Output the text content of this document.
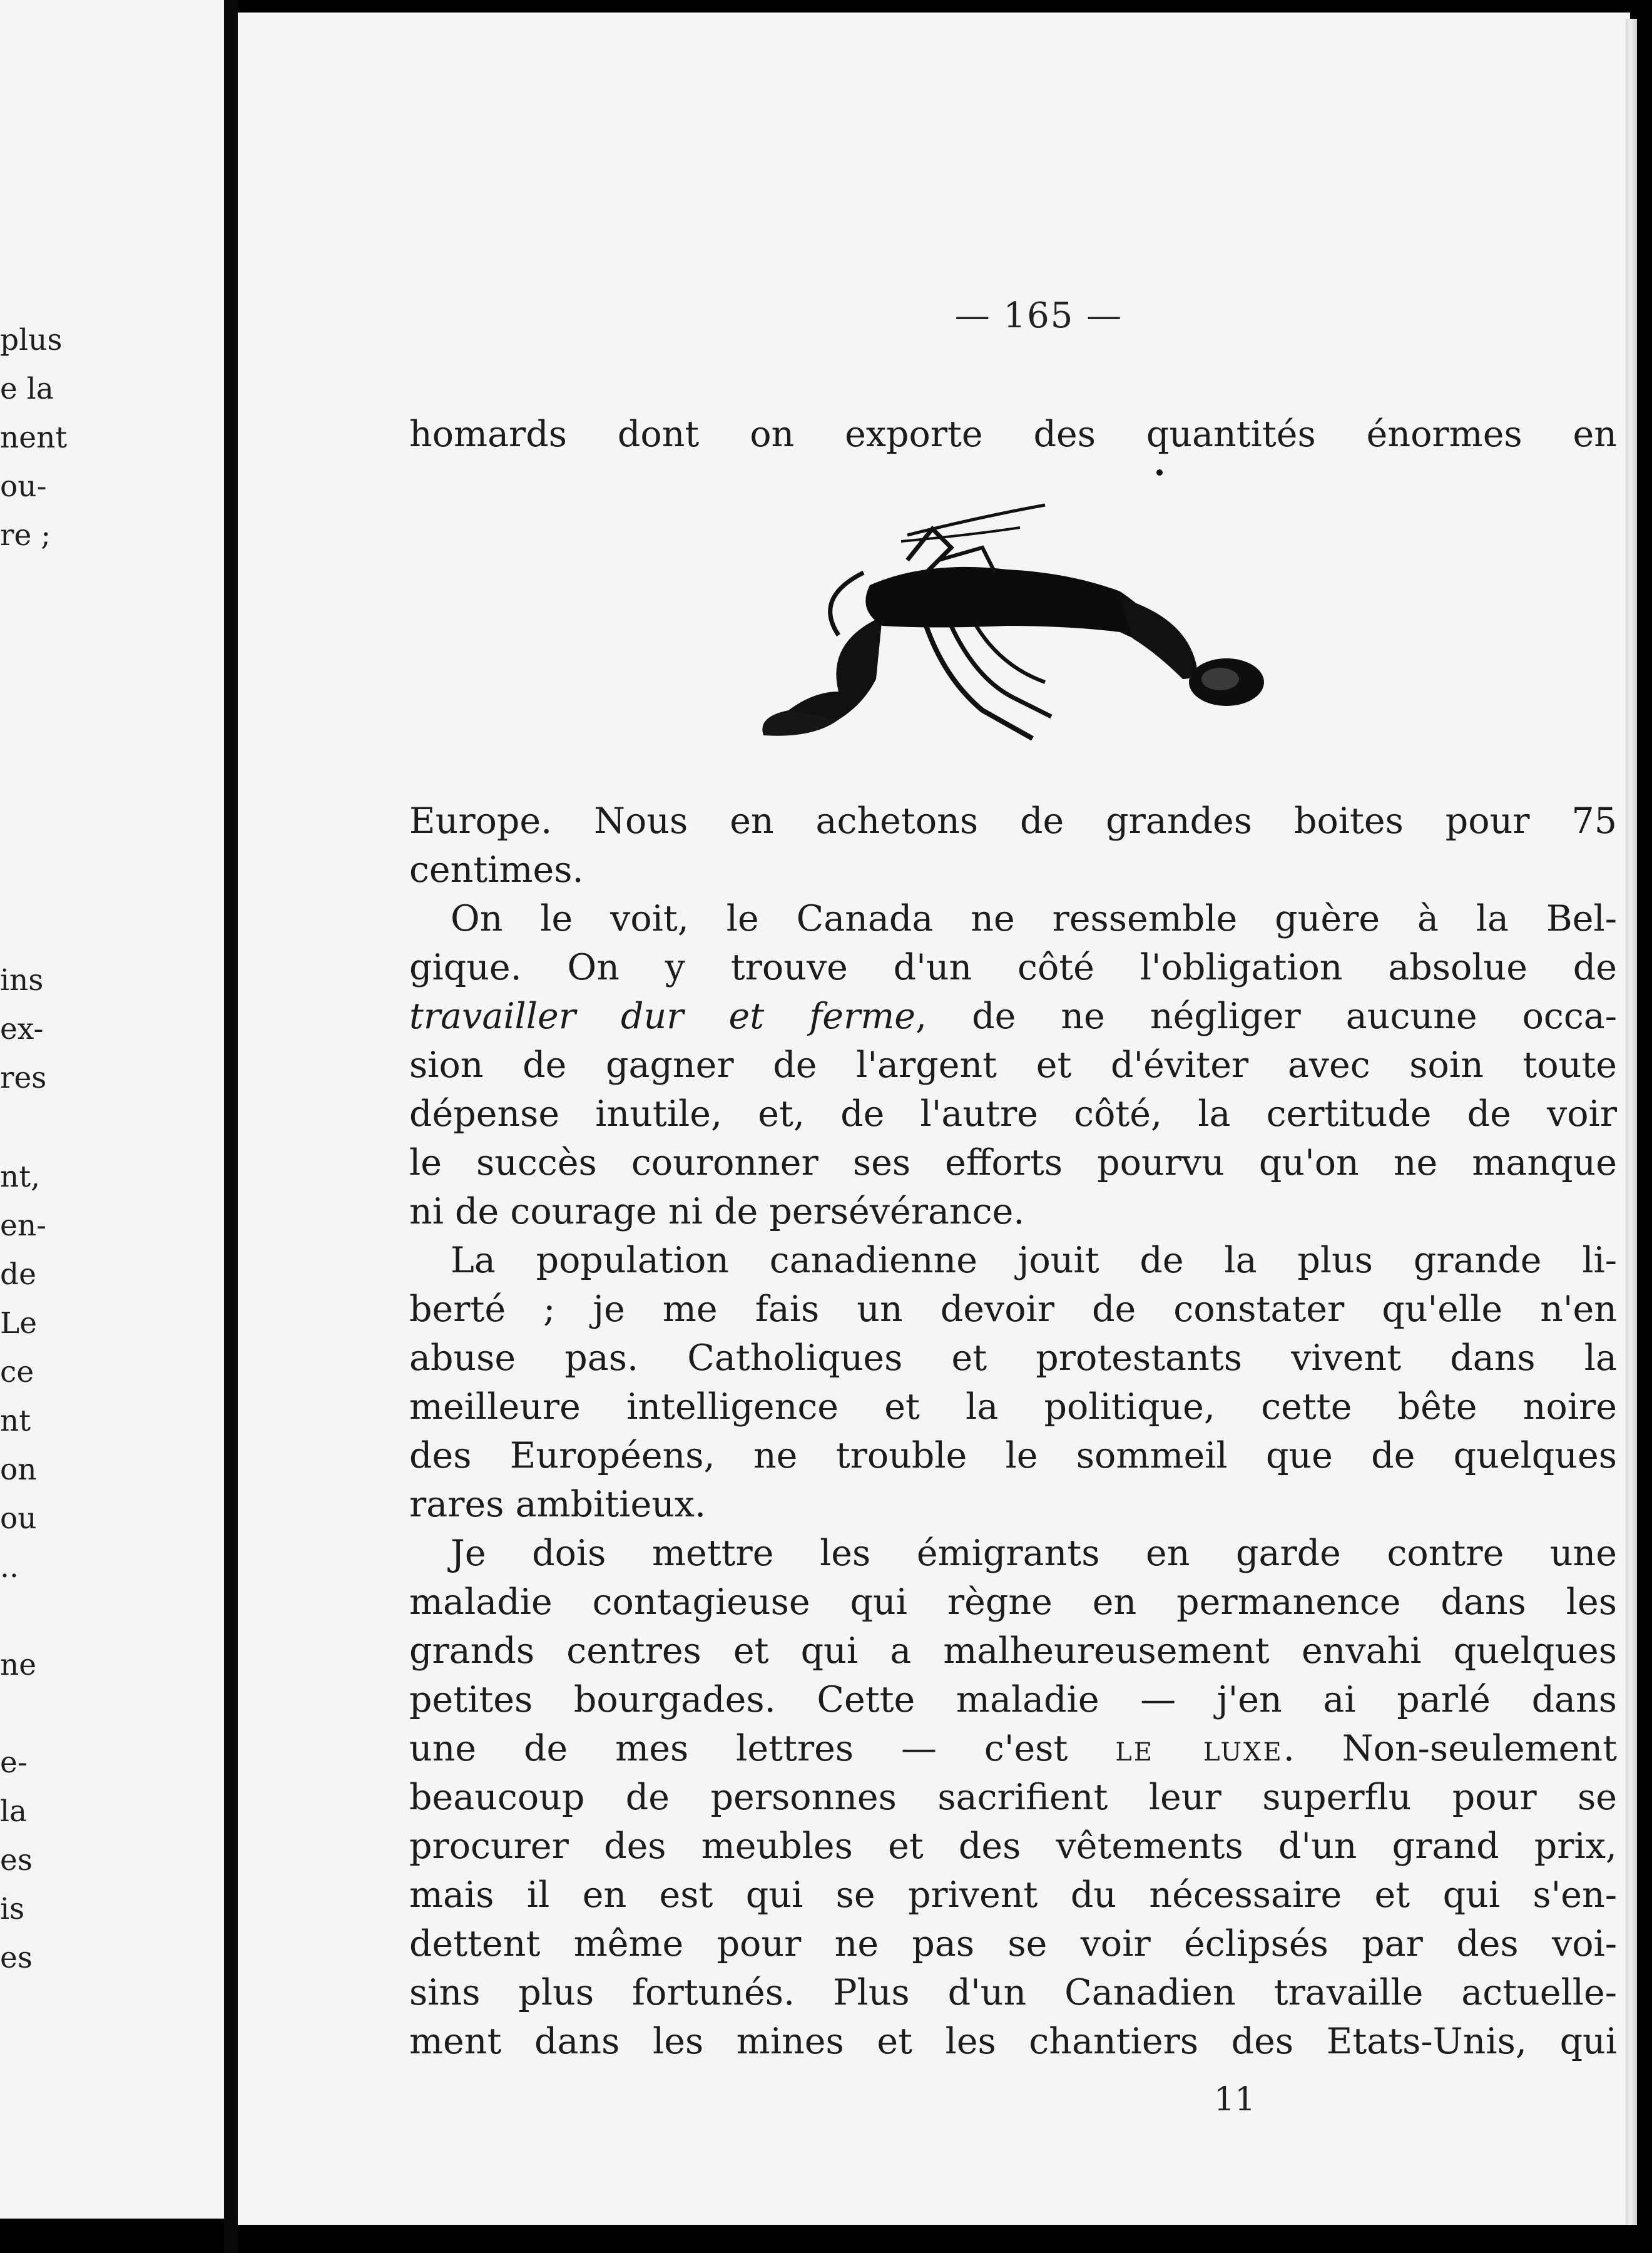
plus
e la
nent
ou-
re ;
ins
ex-
res
nt,
en-
de
Le
ce
nt
on
ou
..
ne
e-
la
es
is
es
— 165 —
homards dont on exporte des quantités énormes en
Europe. Nous en achetons de grandes boites pour 75
centimes.
On le voit, le Canada ne ressemble guère à la Bel-
gique. On y trouve d'un côté l'obligation absolue de
travailler dur et ferme, de ne négliger aucune occa-
sion de gagner de l'argent et d'éviter avec soin toute
dépense inutile, et, de l'autre côté, la certitude de voir
le succès couronner ses efforts pourvu qu'on ne manque
ni de courage ni de persévérance.
La population canadienne jouit de la plus grande li-
berté ; je me fais un devoir de constater qu'elle n'en
abuse pas. Catholiques et protestants vivent dans la
meilleure intelligence et la politique, cette bête noire
des Européens, ne trouble le sommeil que de quelques
rares ambitieux.
Je dois mettre les émigrants en garde contre une
maladie contagieuse qui règne en permanence dans les
grands centres et qui a malheureusement envahi quelques
petites bourgades. Cette maladie — j'en ai parlé dans
une de mes lettres — c'est le luxe. Non-seulement
beaucoup de personnes sacrifient leur superflu pour se
procurer des meubles et des vêtements d'un grand prix,
mais il en est qui se privent du nécessaire et qui s'en-
dettent même pour ne pas se voir éclipsés par des voi-
sins plus fortunés. Plus d'un Canadien travaille actuelle-
ment dans les mines et les chantiers des Etats-Unis, qui
11
